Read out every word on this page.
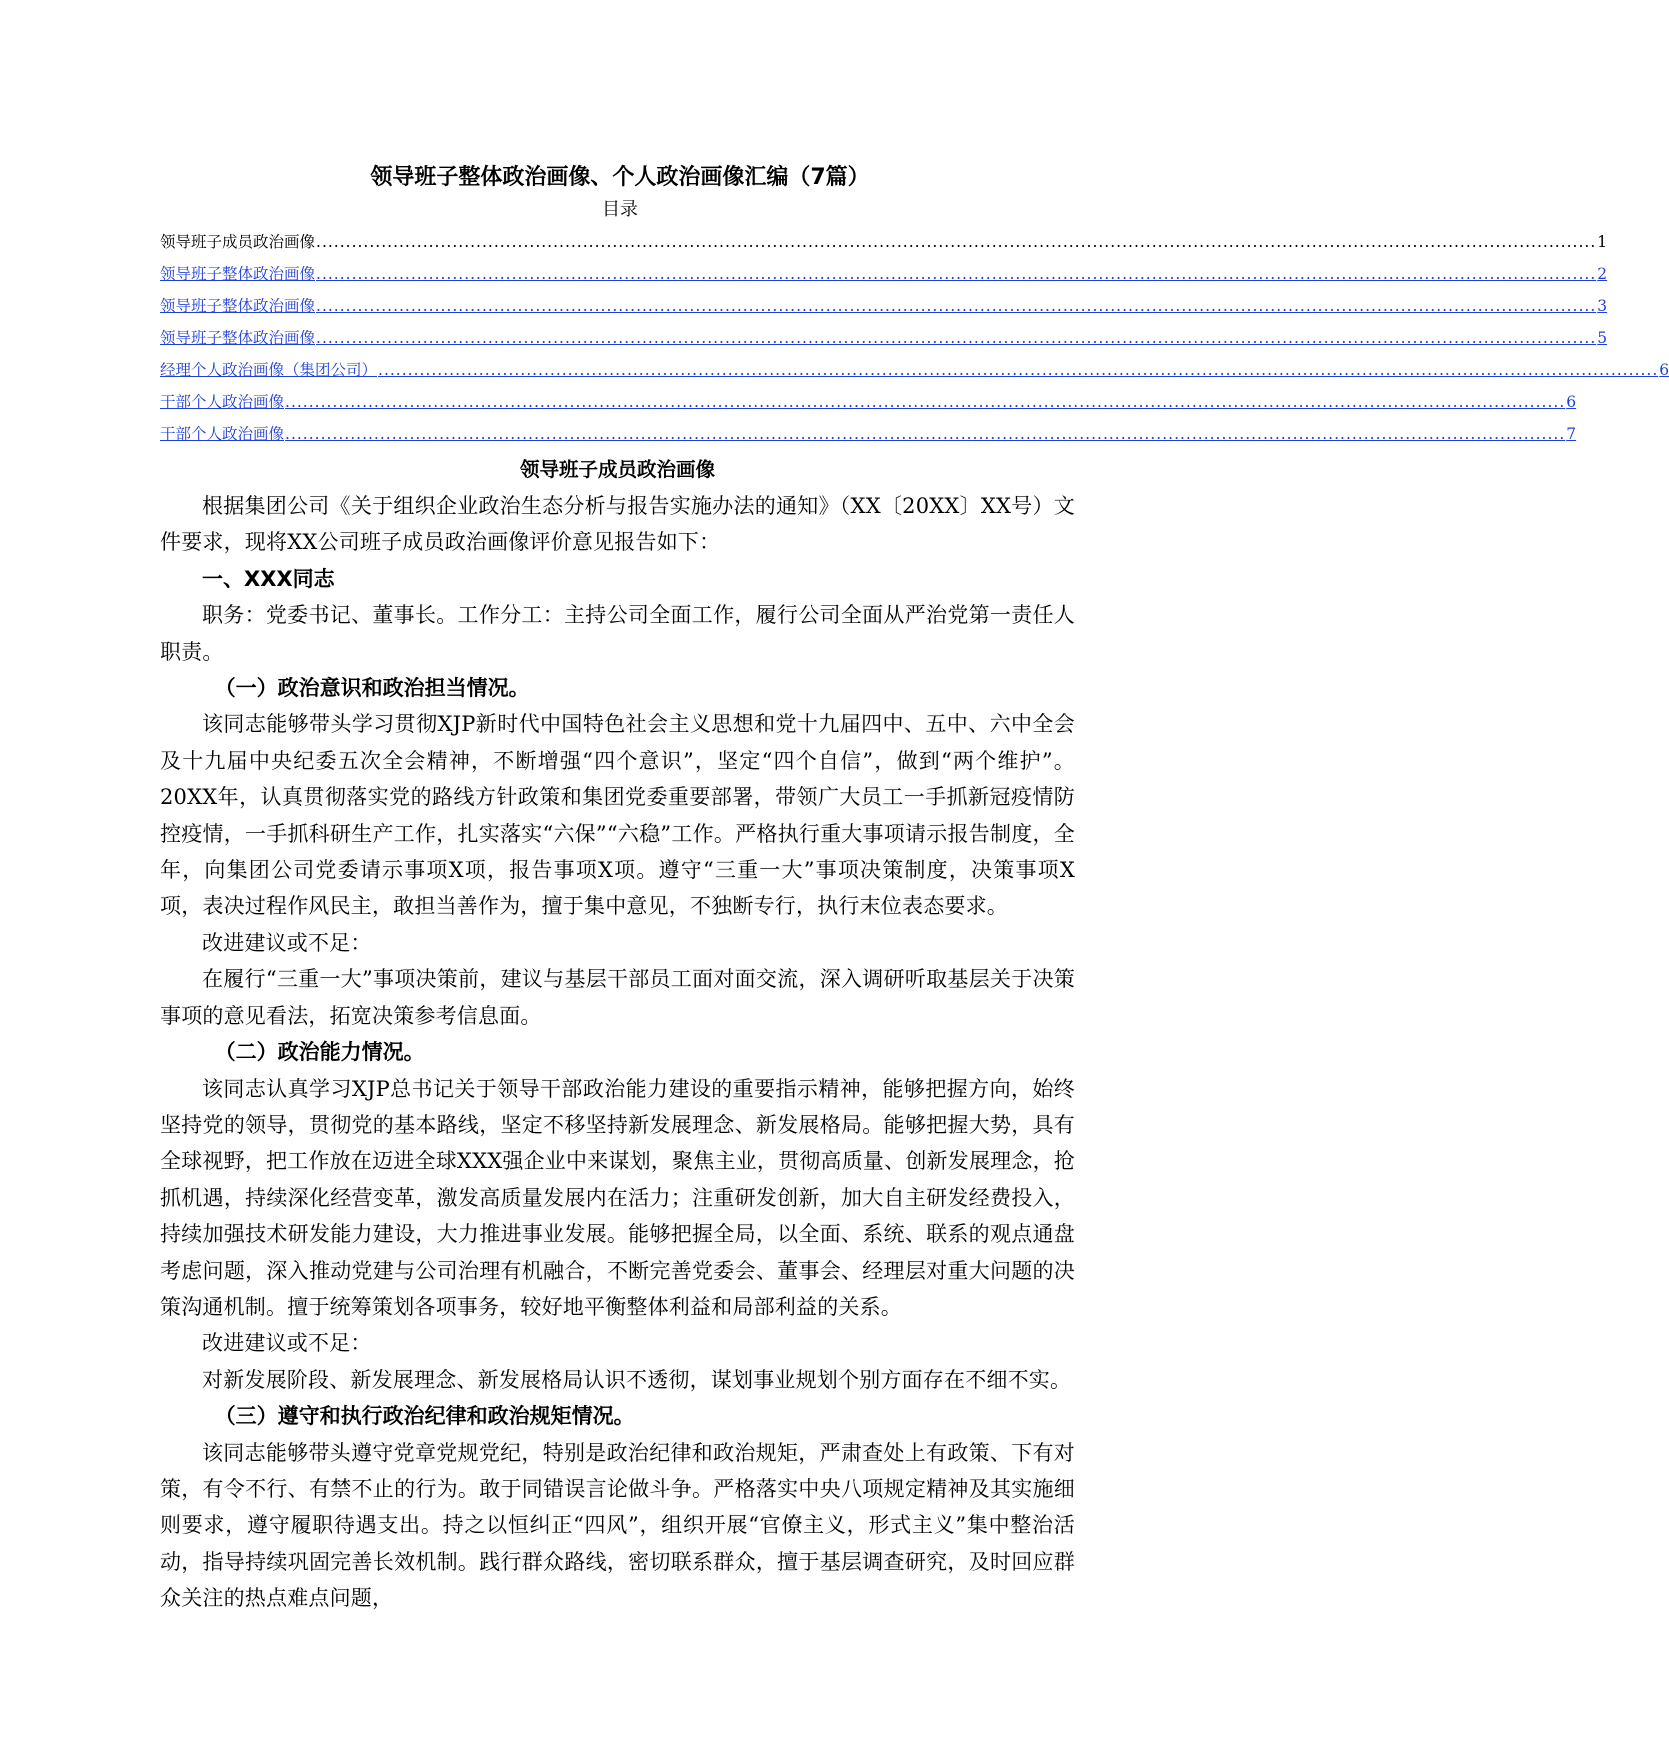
领导班子整体政治画像、个人政治画像汇编（7篇）
目录
领导班子成员政治画像 ........................................................................................................................................................................................................................ 1
领导班子整体政治画像 ........................................................................................................................................................................................................................ 2
领导班子整体政治画像 ........................................................................................................................................................................................................................ 3
领导班子整体政治画像 ........................................................................................................................................................................................................................ 5
经理个人政治画像（集团公司） ........................................................................................................................................................................................................................ 6
干部个人政治画像 ........................................................................................................................................................................................................................ 6
干部个人政治画像 ........................................................................................................................................................................................................................ 7
领导班子成员政治画像

根据集团公司《关于组织企业政治生态分析与报告实施办法的通知》（XX〔20XX〕XX号）文件要求，现将XX公司班子成员政治画像评价意见报告如下：

一、XXX同志

职务：党委书记、董事长。工作分工：主持公司全面工作，履行公司全面从严治党第一责任人职责。

（一）政治意识和政治担当情况。

该同志能够带头学习贯彻XJP新时代中国特色社会主义思想和党十九届四中、五中、六中全会及十九届中央纪委五次全会精神，不断增强“四个意识”，坚定“四个自信”，做到“两个维护”。20XX年，认真贯彻落实党的路线方针政策和集团党委重要部署，带领广大员工一手抓新冠疫情防控疫情，一手抓科研生产工作，扎实落实“六保”“六稳”工作。严格执行重大事项请示报告制度，全年，向集团公司党委请示事项X项，报告事项X项。遵守“三重一大”事项决策制度，决策事项X项，表决过程作风民主，敢担当善作为，擅于集中意见，不独断专行，执行末位表态要求。

改进建议或不足：

在履行“三重一大”事项决策前，建议与基层干部员工面对面交流，深入调研听取基层关于决策事项的意见看法，拓宽决策参考信息面。

（二）政治能力情况。

该同志认真学习XJP总书记关于领导干部政治能力建设的重要指示精神，能够把握方向，始终坚持党的领导，贯彻党的基本路线，坚定不移坚持新发展理念、新发展格局。能够把握大势，具有全球视野，把工作放在迈进全球XXX强企业中来谋划，聚焦主业，贯彻高质量、创新发展理念，抢抓机遇，持续深化经营变革，激发高质量发展内在活力；注重研发创新，加大自主研发经费投入，持续加强技术研发能力建设，大力推进事业发展。能够把握全局，以全面、系统、联系的观点通盘考虑问题，深入推动党建与公司治理有机融合，不断完善党委会、董事会、经理层对重大问题的决策沟通机制。擅于统筹策划各项事务，较好地平衡整体利益和局部利益的关系。

改进建议或不足：

对新发展阶段、新发展理念、新发展格局认识不透彻，谋划事业规划个别方面存在不细不实。

（三）遵守和执行政治纪律和政治规矩情况。

该同志能够带头遵守党章党规党纪，特别是政治纪律和政治规矩，严肃查处上有政策、下有对策，有令不行、有禁不止的行为。敢于同错误言论做斗争。严格落实中央八项规定精神及其实施细则要求，遵守履职待遇支出。持之以恒纠正“四风”，组织开展“官僚主义，形式主义”集中整治活动，指导持续巩固完善长效机制。践行群众路线，密切联系群众，擅于基层调查研究，及时回应群众关注的热点难点问题，
